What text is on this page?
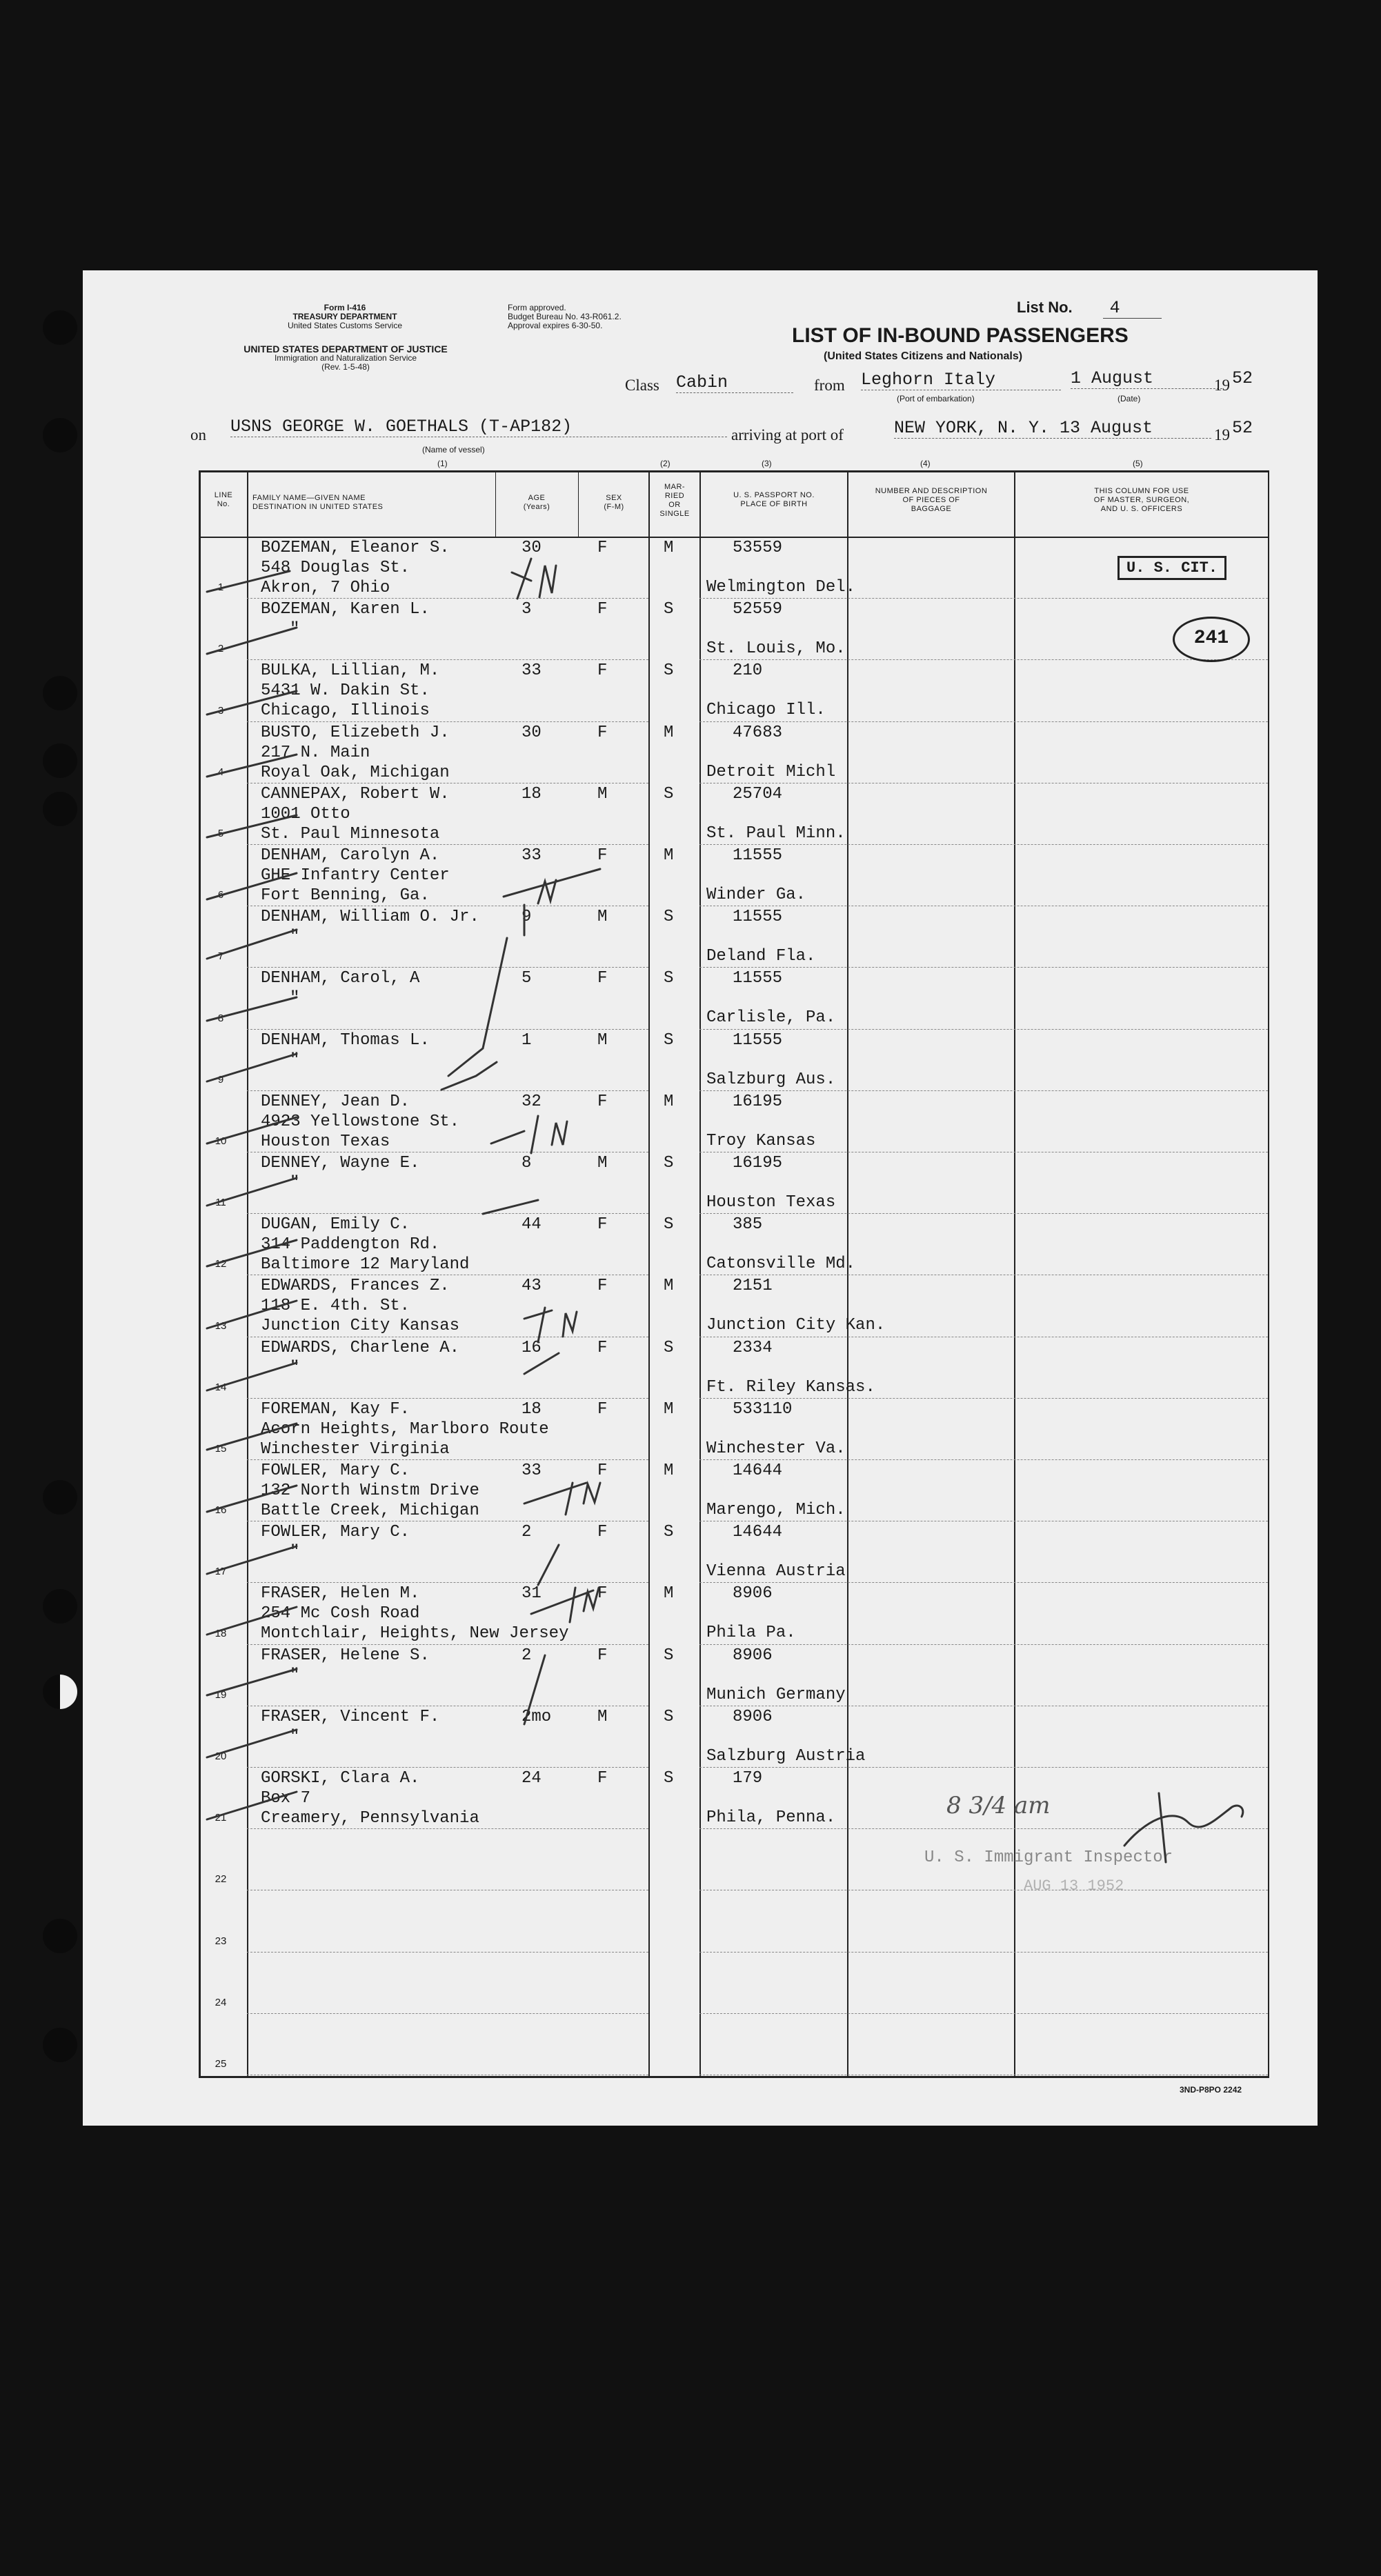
Form I-416
TREASURY DEPARTMENT
United States Customs Service
UNITED STATES DEPARTMENT OF JUSTICE
Immigration and Naturalization Service
(Rev. 1-5-48)
Form approved.
Budget Bureau No. 43-R061.2.
Approval expires 6-30-50.
List No. 4
LIST OF IN-BOUND PASSENGERS
(United States Citizens and Nationals)
Class Cabin	from Leghorn Italy
(Port of embarkation)
1 August
(Date)
19 52
on USNS GEORGE W. GOETHALS (T-AP182)
(Name of vessel)
(1)
arriving at port of	NEW YORK, N. Y. 13 August	19 52
(2)	(3)	(4)	(5)
LINE
No.
FAMILY NAME—GIVEN NAME
DESTINATION IN UNITED STATES
AGE
(Years)
SEX
(F-M)
MAR-
RIED
OR
SINGLE
U. S. PASSPORT NO.
PLACE OF BIRTH
NUMBER AND DESCRIPTION
OF PIECES OF
BAGGAGE
THIS COLUMN FOR USE
OF MASTER, SURGEON,
AND U. S. OFFICERS
1
BOZEMAN, Eleanor S.
548 Douglas St.
Akron, 7 Ohio
30	F	M	53559
Welmington Del.
2
BOZEMAN, Karen L.
"
3	F	S	52559
St. Louis, Mo.
3
BULKA, Lillian, M.
5431 W. Dakin St.
Chicago, Illinois
33	F	S	210
Chicago Ill.
4
BUSTO, Elizebeth J.
217 N. Main
Royal Oak, Michigan
30	F	M	47683
Detroit Michl
5
CANNEPAX, Robert W.
1001 Otto
St. Paul Minnesota
18	M	S	25704
St. Paul Minn.
6
DENHAM, Carolyn A.
GHE Infantry Center
Fort Benning, Ga.
33	F	M	11555
Winder Ga.
7
DENHAM, William O. Jr.
"
9	M	S	11555
Deland Fla.
8
DENHAM, Carol, A
"
5	F	S	11555
Carlisle, Pa.
9
DENHAM, Thomas L.
"
1	M	S	11555
Salzburg Aus.
10
DENNEY, Jean D.
4923 Yellowstone St.
Houston Texas
32	F	M	16195
Troy Kansas
11
DENNEY, Wayne E.
"
8	M	S	16195
Houston Texas
12
DUGAN, Emily C.
314 Paddengton Rd.
Baltimore 12 Maryland
44	F	S	385
Catonsville Md.
13
EDWARDS, Frances Z.
118 E. 4th. St.
Junction City Kansas
43	F	M	2151
Junction City Kan.
14
EDWARDS, Charlene A.
"
16	F	S	2334
Ft. Riley Kansas.
15
FOREMAN, Kay F.
Acorn Heights, Marlboro Route
Winchester Virginia
18	F	M	533110
Winchester Va.
16
FOWLER, Mary C.
132 North Winstm Drive
Battle Creek, Michigan
33	F	M	14644
Marengo, Mich.
17
FOWLER, Mary C.
"
2	F	S	14644
Vienna Austria
18
FRASER, Helen M.
254 Mc Cosh Road
Montchlair, Heights, New Jersey
31	F	M	8906
Phila Pa.
19
FRASER, Helene S.
"
2	F	S	8906
Munich Germany
20
FRASER, Vincent F.
"
2mo	M	S	8906
Salzburg Austria
21
GORSKI, Clara A.
Box 7
Creamery, Pennsylvania
24	F	S	179
Phila, Penna.
22
23
24
25
U. S. CIT.
241
U. S. Immigrant Inspector
AUG 13 1952
8 3/4 am
3ND-P8PO 2242
